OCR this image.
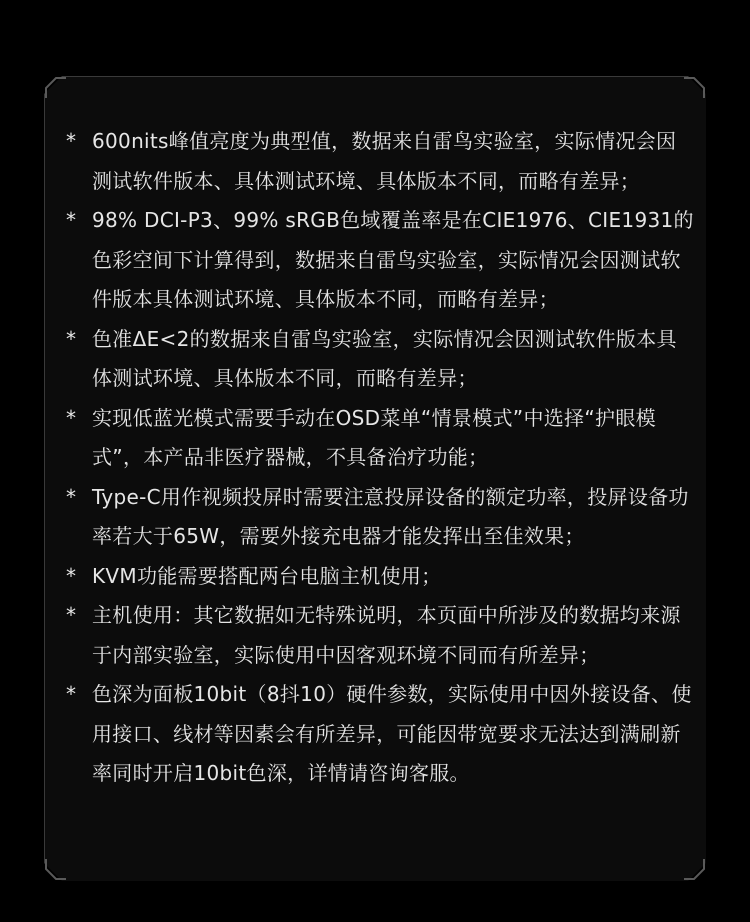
* 600nits峰值亮度为典型值，数据来自雷鸟实验室，实际情况会因测试软件版本、具体测试环境、具体版本不同，而略有差异；
* 98% DCI-P3、99% sRGB色域覆盖率是在CIE1976、CIE1931的色彩空间下计算得到，数据来自雷鸟实验室，实际情况会因测试软件版本具体测试环境、具体版本不同，而略有差异；
* 色准ΔE<2的数据来自雷鸟实验室，实际情况会因测试软件版本具体测试环境、具体版本不同，而略有差异；
* 实现低蓝光模式需要手动在OSD菜单“情景模式”中选择“护眼模式”，本产品非医疗器械，不具备治疗功能；
* Type-C用作视频投屏时需要注意投屏设备的额定功率，投屏设备功率若大于65W，需要外接充电器才能发挥出至佳效果；
* KVM功能需要搭配两台电脑主机使用；
* 主机使用：其它数据如无特殊说明，本页面中所涉及的数据均来源于内部实验室，实际使用中因客观环境不同而有所差异；
* 色深为面板10bit（8抖10）硬件参数，实际使用中因外接设备、使用接口、线材等因素会有所差异，可能因带宽要求无法达到满刷新率同时开启10bit色深，详情请咨询客服。
